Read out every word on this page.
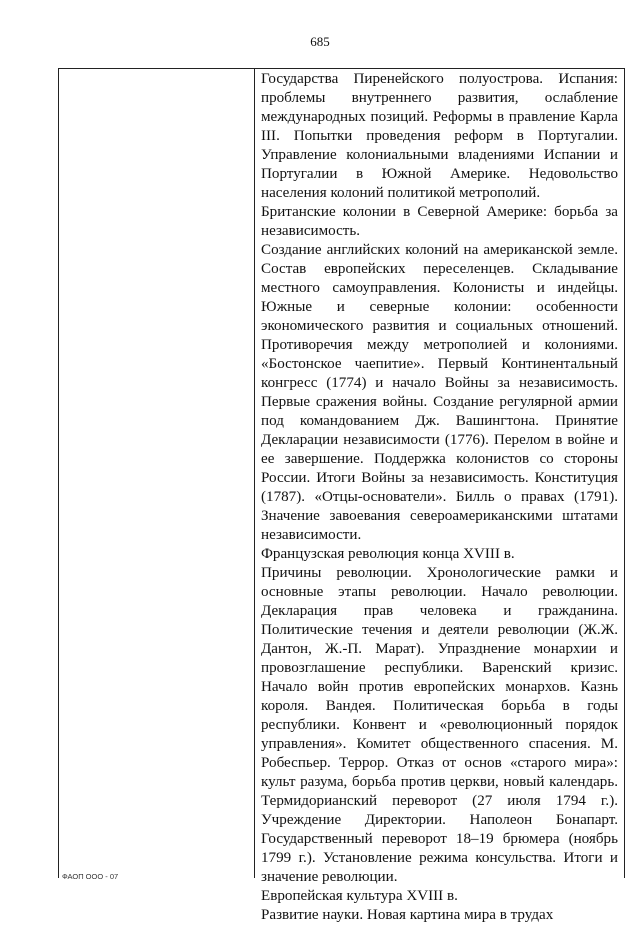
685

Государства Пиренейского полуострова. Испания: проблемы внутреннего развития, ослабление международных позиций. Реформы в правление Карла III. Попытки проведения реформ в Португалии. Управление колониальными владениями Испании и Португалии в Южной Америке. Недовольство населения колоний политикой метрополий.

Британские колонии в Северной Америке: борьба за независимость.

Создание английских колоний на американской земле. Состав европейских переселенцев. Складывание местного самоуправления. Колонисты и индейцы. Южные и северные колонии: особенности экономического развития и социальных отношений. Противоречия между метрополией и колониями. «Бостонское чаепитие». Первый Континентальный конгресс (1774) и начало Войны за независимость. Первые сражения войны. Создание регулярной армии под командованием Дж. Вашингтона. Принятие Декларации независимости (1776). Перелом в войне и ее завершение. Поддержка колонистов со стороны России. Итоги Войны за независимость. Конституция (1787). «Отцы-основатели». Билль о правах (1791). Значение завоевания североамериканскими штатами независимости.

Французская революция конца XVIII в.

Причины революции. Хронологические рамки и основные этапы революции. Начало революции. Декларация прав человека и гражданина. Политические течения и деятели революции (Ж.Ж. Дантон, Ж.-П. Марат). Упразднение монархии и провозглашение республики. Варенский кризис. Начало войн против европейских монархов. Казнь короля. Вандея. Политическая борьба в годы республики. Конвент и «революционный порядок управления». Комитет общественного спасения. М. Робеспьер. Террор. Отказ от основ «старого мира»: культ разума, борьба против церкви, новый календарь. Термидорианский переворот (27 июля 1794 г.). Учреждение Директории. Наполеон Бонапарт. Государственный переворот 18–19 брюмера (ноябрь 1799 г.). Установление режима консульства. Итоги и значение революции.

Европейская культура XVIII в.

Развитие науки. Новая картина мира в трудах

ФАОП ООО - 07
